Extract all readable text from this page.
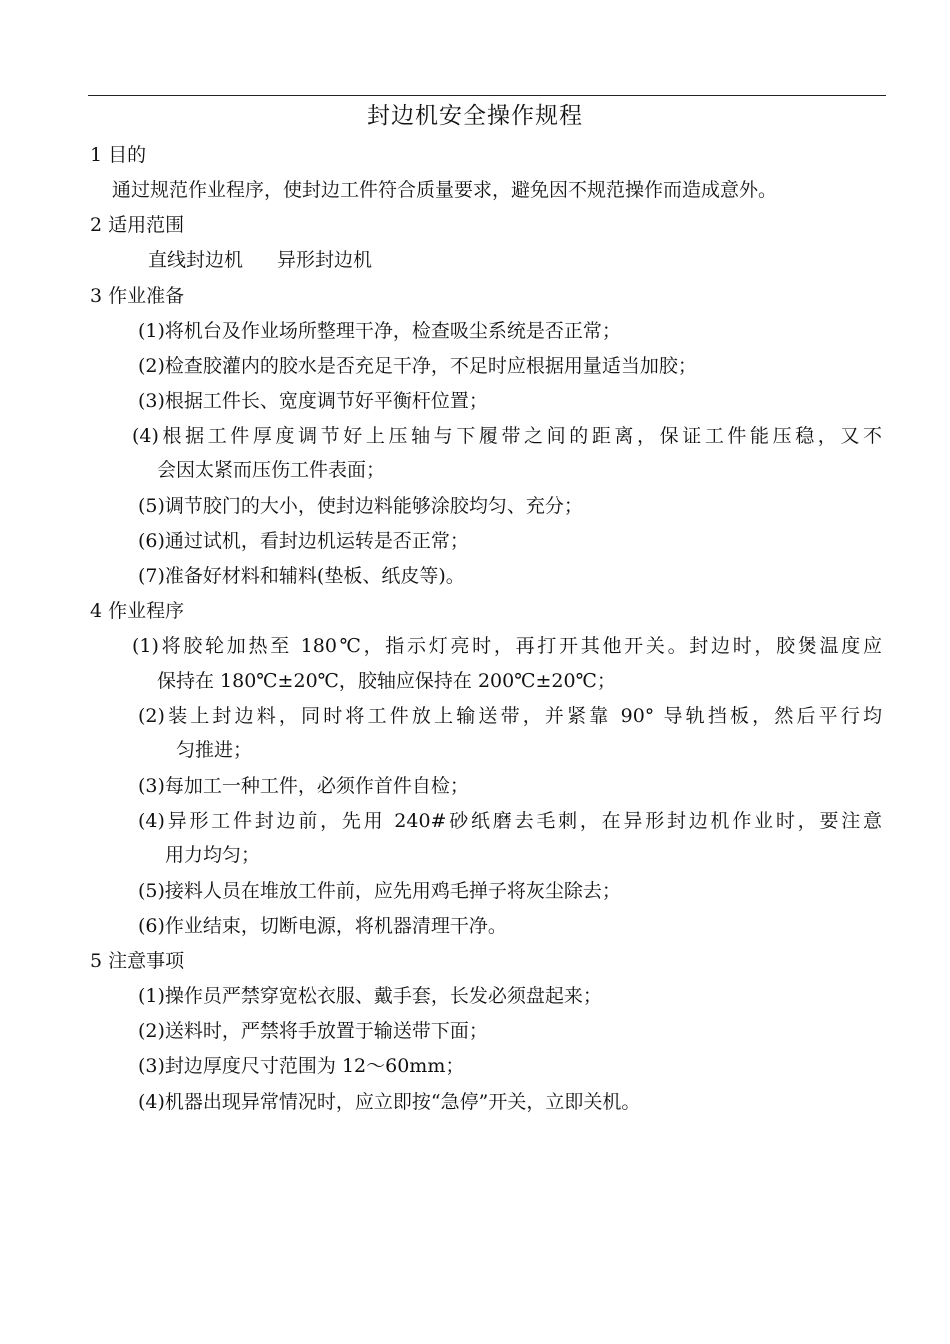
封边机安全操作规程
1 目的
通过规范作业程序，使封边工件符合质量要求，避免因不规范操作而造成意外。
2 适用范围
直线封边机 异形封边机
3 作业准备
(1)将机台及作业场所整理干净，检查吸尘系统是否正常；
(2)检查胶灌内的胶水是否充足干净，不足时应根据用量适当加胶；
(3)根据工件长、宽度调节好平衡杆位置；
(4)根据工件厚度调节好上压轴与下履带之间的距离，保证工件能压稳，又不
会因太紧而压伤工件表面；
(5)调节胶门的大小，使封边料能够涂胶均匀、充分；
(6)通过试机，看封边机运转是否正常；
(7)准备好材料和辅料(垫板、纸皮等)。
4 作业程序
(1)将胶轮加热至 180℃，指示灯亮时，再打开其他开关。封边时，胶煲温度应
保持在 180℃±20℃，胶轴应保持在 200℃±20℃；
(2)装上封边料，同时将工件放上输送带，并紧靠 90° 导轨挡板，然后平行均
匀推进；
(3)每加工一种工件，必须作首件自检；
(4)异形工件封边前，先用 240#砂纸磨去毛刺，在异形封边机作业时，要注意
用力均匀；
(5)接料人员在堆放工件前，应先用鸡毛掸子将灰尘除去；
(6)作业结束，切断电源，将机器清理干净。
5 注意事项
(1)操作员严禁穿宽松衣服、戴手套，长发必须盘起来；
(2)送料时，严禁将手放置于输送带下面；
(3)封边厚度尺寸范围为 12～60mm；
(4)机器出现异常情况时，应立即按“急停”开关，立即关机。
